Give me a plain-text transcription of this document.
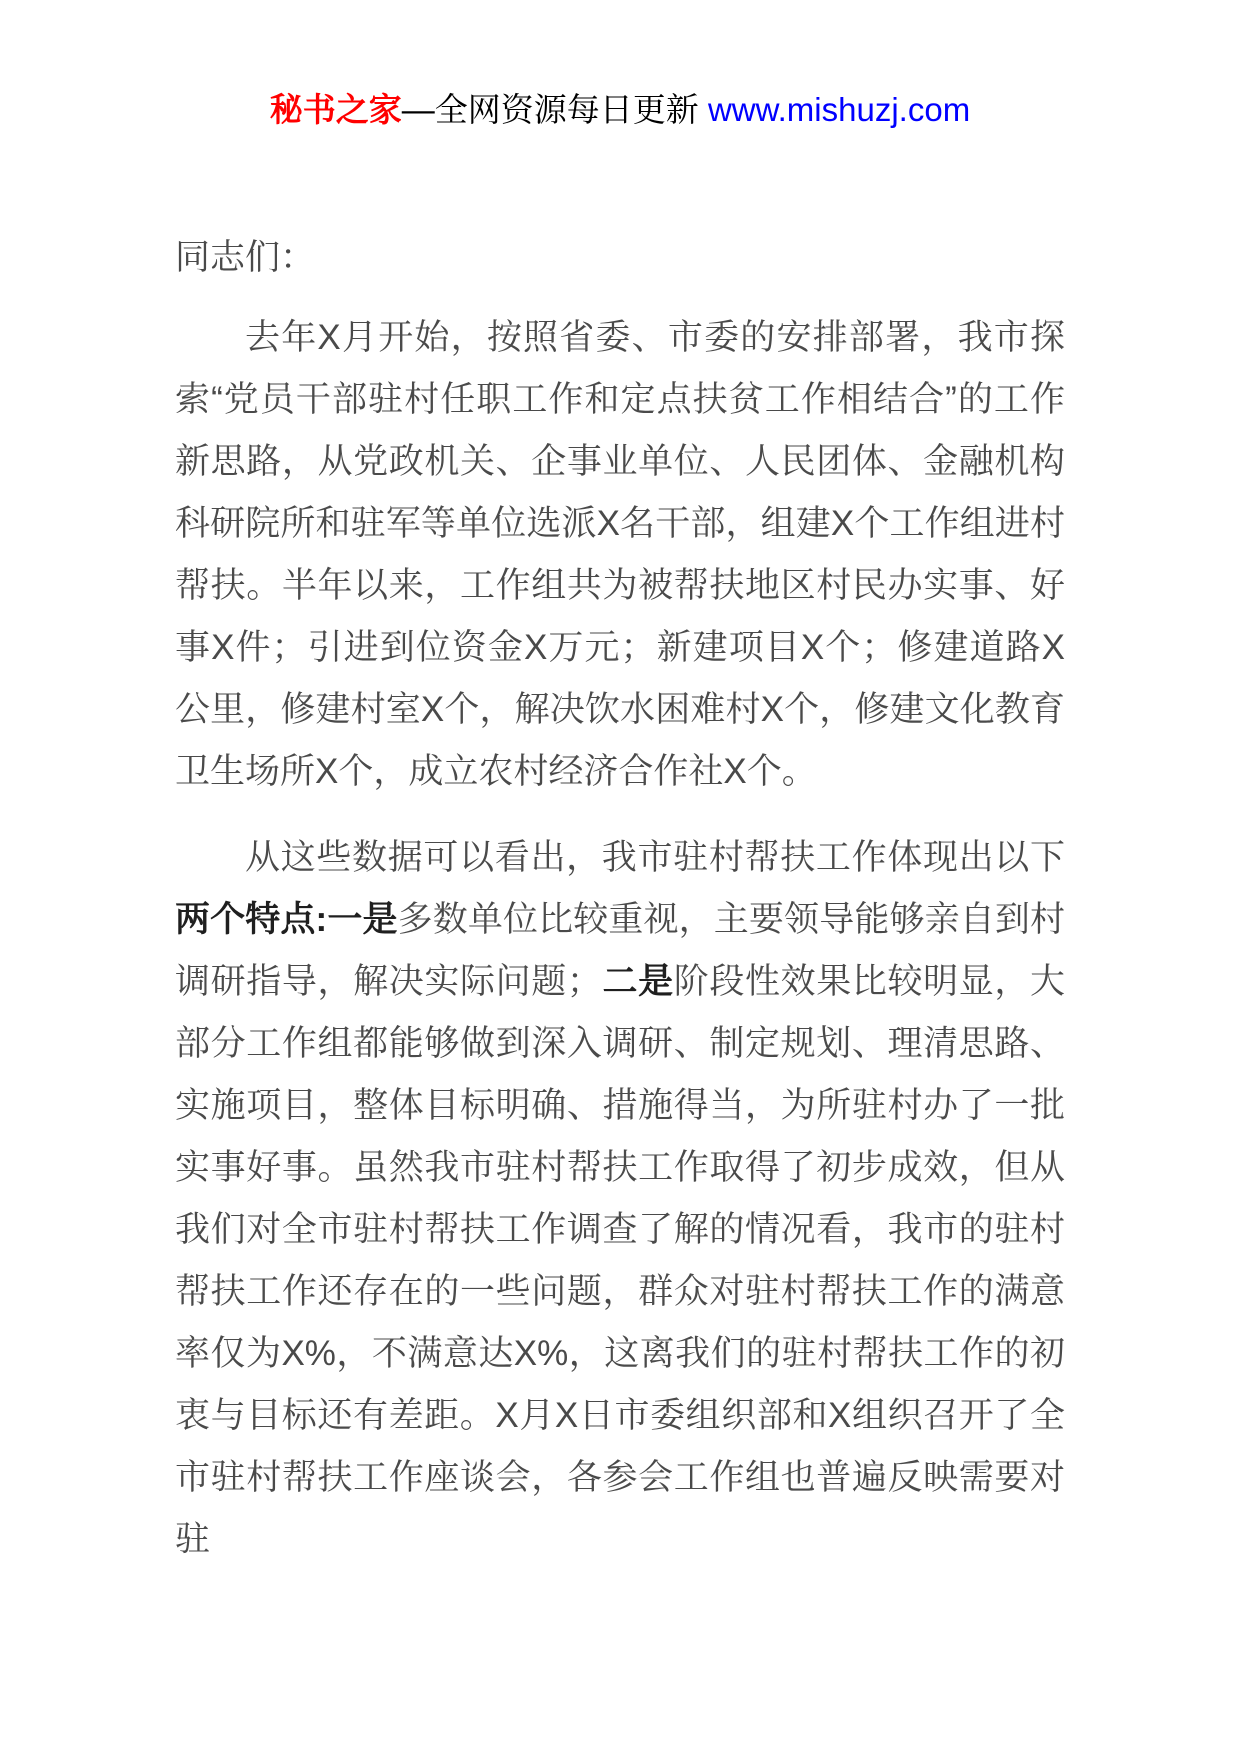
秘书之家—全网资源每日更新 www.mishuzj.com

同志们：

去年X月开始，按照省委、市委的安排部署，我市探索“党员干部驻村任职工作和定点扶贫工作相结合”的工作新思路，从党政机关、企事业单位、人民团体、金融机构科研院所和驻军等单位选派X名干部，组建X个工作组进村帮扶。半年以来，工作组共为被帮扶地区村民办实事、好事X件；引进到位资金X万元；新建项目X个；修建道路X公里，修建村室X个，解决饮水困难村X个，修建文化教育卫生场所X个，成立农村经济合作社X个。

从这些数据可以看出，我市驻村帮扶工作体现出以下两个特点:一是多数单位比较重视，主要领导能够亲自到村调研指导，解决实际问题；二是阶段性效果比较明显，大部分工作组都能够做到深入调研、制定规划、理清思路、实施项目，整体目标明确、措施得当，为所驻村办了一批实事好事。虽然我市驻村帮扶工作取得了初步成效，但从我们对全市驻村帮扶工作调查了解的情况看，我市的驻村帮扶工作还存在的一些问题，群众对驻村帮扶工作的满意率仅为X%，不满意达X%，这离我们的驻村帮扶工作的初衷与目标还有差距。X月X日市委组织部和X组织召开了全市驻村帮扶工作座谈会，各参会工作组也普遍反映需要对驻
